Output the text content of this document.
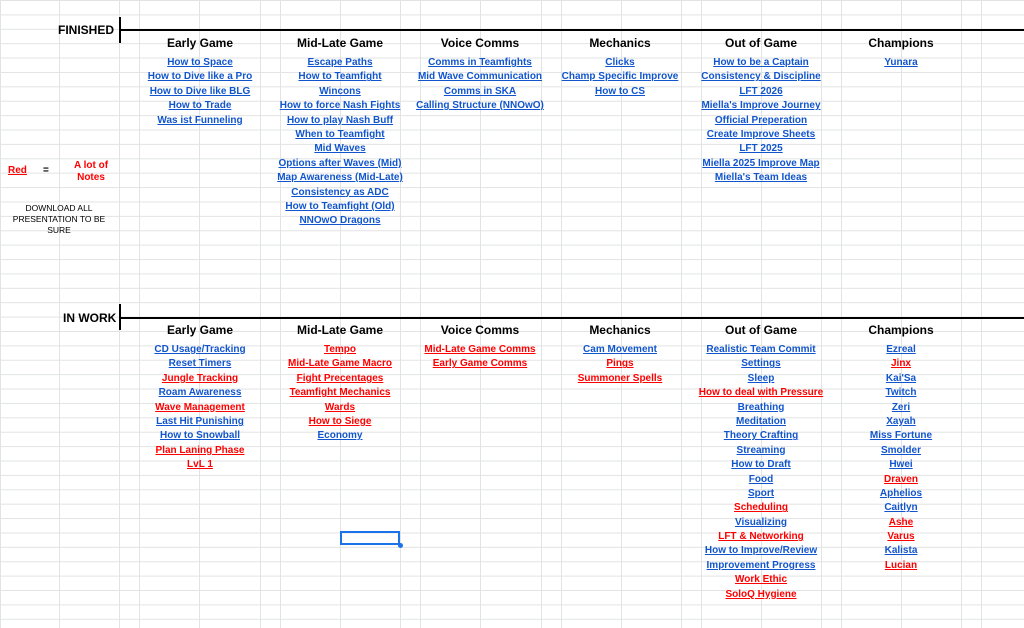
Red =	A lot of Notes
DOWNLOAD ALL PRESENTATION TO BE SURE
FINISHED
Early Game
How to Space
How to Dive like a Pro
How to Dive like BLG
How to Trade
Was ist Funneling
Mid-Late Game
Escape Paths
How to Teamfight
Wincons
How to force Nash Fights
How to play Nash Buff
When to Teamfight
Mid Waves
Options after Waves (Mid)
Map Awareness (Mid-Late)
Consistency as ADC
How to Teamfight (Old)
NNOwO Dragons
Voice Comms
Comms in Teamfights
Mid Wave Communication
Comms in SKA
Calling Structure (NNOwO)
Mechanics
Clicks
Champ Specific Improve
How to CS
Out of Game
How to be a Captain
Consistency & Discipline
LFT 2026
Miella's Improve Journey
Official Preperation
Create Improve Sheets
LFT 2025
Miella 2025 Improve Map
Miella's Team Ideas
Champions
Yunara
IN WORK
Early Game
CD Usage/Tracking
Reset Timers
Jungle Tracking
Roam Awareness
Wave Management
Last Hit Punishing
How to Snowball
Plan Laning Phase
LvL 1
Mid-Late Game
Tempo
Mid-Late Game Macro
Fight Precentages
Teamfight Mechanics
Wards
How to Siege
Economy
Voice Comms
Mid-Late Game Comms
Early Game Comms
Mechanics
Cam Movement
Pings
Summoner Spells
Out of Game
Realistic Team Commit
Settings
Sleep
How to deal with Pressure
Breathing
Meditation
Theory Crafting
Streaming
How to Draft
Food
Sport
Scheduling
Visualizing
LFT & Networking
How to Improve/Review
Improvement Progress
Work Ethic
SoloQ Hygiene
Champions
Ezreal
Jinx
Kai'Sa
Twitch
Zeri
Xayah
Miss Fortune
Smolder
Hwei
Draven
Aphelios
Caitlyn
Ashe
Varus
Kalista
Lucian
